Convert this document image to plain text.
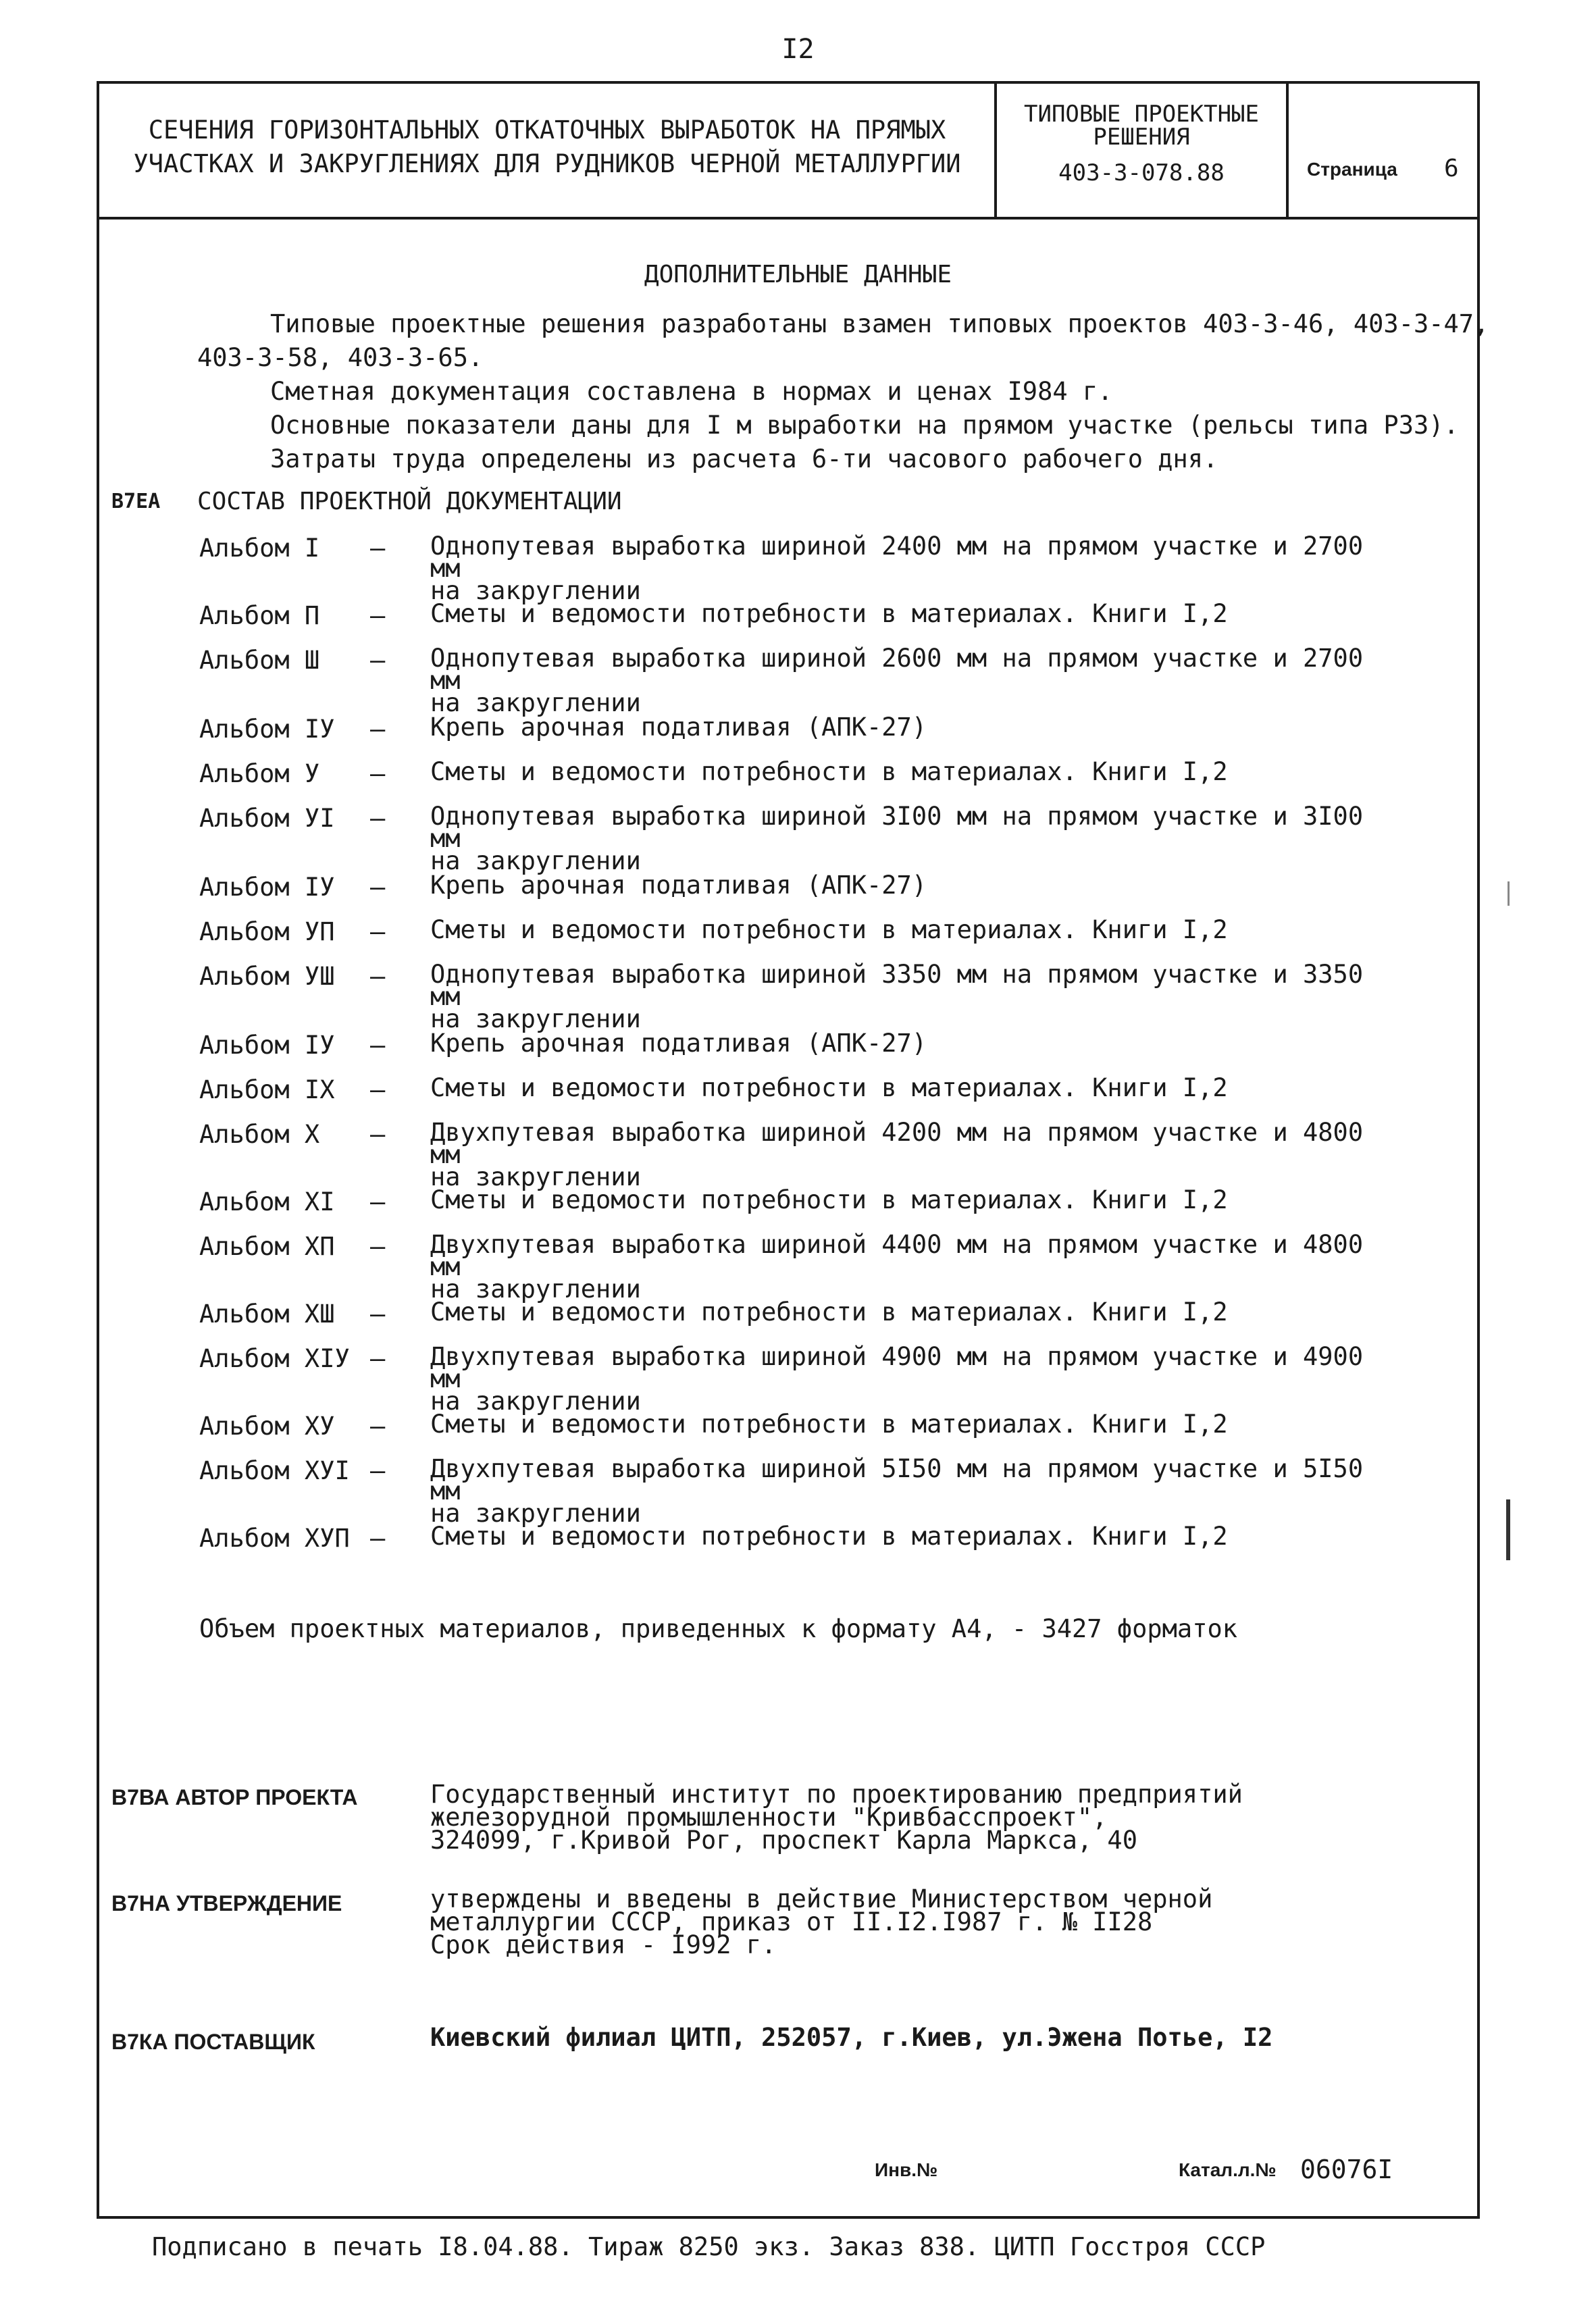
I2
СЕЧЕНИЯ ГОРИЗОНТАЛЬНЫХ ОТКАТОЧНЫХ ВЫРАБОТОК НА ПРЯМЫХ
УЧАСТКАХ И ЗАКРУГЛЕНИЯХ ДЛЯ РУДНИКОВ ЧЕРНОЙ МЕТАЛЛУРГИИ
ТИПОВЫЕ ПРОЕКТНЫЕ
РЕШЕНИЯ
403-3-078.88	Страница 6
ДОПОЛНИТЕЛЬНЫЕ ДАННЫЕ
Типовые проектные решения разработаны взамен типовых проектов 403-3-46, 403-3-47,
403-3-58, 403-3-65.
Сметная документация составлена в нормах и ценах I984 г.
Основные показатели даны для I м выработки на прямом участке (рельсы типа Р33).
Затраты труда определены из расчета 6-ти часового рабочего дня.
В7ЕА СОСТАВ ПРОЕКТНОЙ ДОКУМЕНТАЦИИ
Альбом I – Однопутевая выработка шириной 2400 мм на прямом участке и 2700 мм
на закруглении
Альбом П – Сметы и ведомости потребности в материалах. Книги I,2
Альбом Ш – Однопутевая выработка шириной 2600 мм на прямом участке и 2700 мм
на закруглении
Альбом IУ – Крепь арочная податливая (АПК-27)
Альбом У – Сметы и ведомости потребности в материалах. Книги I,2
Альбом УI – Однопутевая выработка шириной 3I00 мм на прямом участке и 3I00 мм
на закруглении
Альбом IУ – Крепь арочная податливая (АПК-27)
Альбом УП – Сметы и ведомости потребности в материалах. Книги I,2
Альбом УШ – Однопутевая выработка шириной 3350 мм на прямом участке и 3350 мм
на закруглении
Альбом IУ – Крепь арочная податливая (АПК-27)
Альбом IX – Сметы и ведомости потребности в материалах. Книги I,2
Альбом X – Двухпутевая выработка шириной 4200 мм на прямом участке и 4800 мм
на закруглении
Альбом XI – Сметы и ведомости потребности в материалах. Книги I,2
Альбом XП – Двухпутевая выработка шириной 4400 мм на прямом участке и 4800 мм
на закруглении
Альбом XШ – Сметы и ведомости потребности в материалах. Книги I,2
Альбом XIУ – Двухпутевая выработка шириной 4900 мм на прямом участке и 4900 мм
на закруглении
Альбом XУ – Сметы и ведомости потребности в материалах. Книги I,2
Альбом XУI – Двухпутевая выработка шириной 5I50 мм на прямом участке и 5I50 мм
на закруглении
Альбом XУП – Сметы и ведомости потребности в материалах. Книги I,2
Объем проектных материалов, приведенных к формату А4, - 3427 форматок
В7ВА АВТОР ПРОЕКТА	Государственный институт по проектированию предприятий
железорудной промышленности "Кривбасспроект",
324099, г.Кривой Рог, проспект Карла Маркса, 40
В7НА УТВЕРЖДЕНИЕ	утверждены и введены в действие Министерством черной
металлургии СССР, приказ от II.I2.I987 г. № II28
Срок действия - I992 г.
В7КА ПОСТАВЩИК	Киевский филиал ЦИТП, 252057, г.Киев, ул.Эжена Потье, I2
Инв.№	Катал.л.№ 06076I
Подписано в печать I8.04.88. Тираж 8250 экз. Заказ 838. ЦИТП Госстроя СССР
